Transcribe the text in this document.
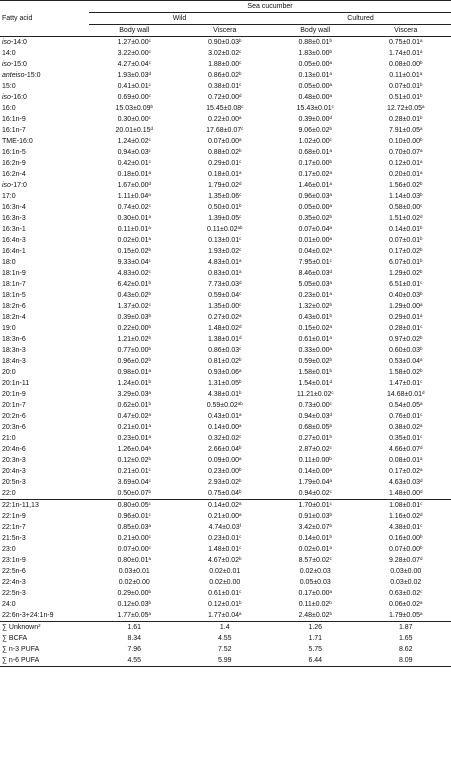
Fatty acid	Sea cucumber			
	Wild		Cultured	
	Body wall	Viscera	Body wall	Viscera
iso-14:0	1.27±0.00$^c$	0.90±0.03$^b$	0.88±0.01$^b$	0.75±0.01$^a$
14:0	3.22±0.00$^c$	3.02±0.02$^c$	1.83±0.00$^b$	1.74±0.01$^a$
iso-15:0	4.27±0.04$^c$	1.88±0.00$^c$	0.05±0.00$^a$	0.08±0.00$^b$
anteiso-15:0	1.93±0.03$^d$	0.86±0.02$^b$	0.13±0.01$^a$	0.11±0.01$^a$
15:0	0.41±0.01$^c$	0.38±0.01$^c$	0.05±0.00$^a$	0.07±0.01$^b$
iso-16:0	0.69±0.00$^c$	0.72±0.00$^d$	0.48±0.00$^a$	0.51±0.01$^b$
16:0	15.03±0.09$^b$	15.45±0.08$^c$	15.43±0.01$^c$	12.72±0.05$^a$
16:1n-9	0.30±0.00$^c$	0.22±0.00$^a$	0.39±0.00$^d$	0.28±0.01$^b$
16:1n-7	20.01±0.15$^d$	17.68±0.07$^c$	9.06±0.02$^b$	7.91±0.05$^a$
TME-16:0	1.24±0.02$^c$	0.07±0.00$^a$	1.02±0.00$^c$	0.10±0.00$^b$
16:1n-5	0.94±0.03$^c$	0.88±0.02$^b$	0.68±0.01$^a$	0.70±0.07$^a$
16:2n-9	0.42±0.01$^c$	0.29±0.01$^c$	0.17±0.00$^b$	0.12±0.01$^a$
16:2n-4	0.18±0.01$^a$	0.18±0.01$^a$	0.17±0.02$^a$	0.20±0.01$^a$
iso-17:0	1.67±0.00$^d$	1.79±0.02$^d$	1.46±0.01$^a$	1.56±0.02$^b$
17:0	1.11±0.04$^a$	1.35±0.06$^c$	0.96±0.03$^a$	1.14±0.03$^b$
16:3n-4	0.74±0.02$^c$	0.50±0.01$^b$	0.05±0.00$^a$	0.58±0.00$^c$
16:3n-3	0.30±0.01$^a$	1.39±0.05$^c$	0.35±0.02$^b$	1.51±0.02$^d$
16:3n-1	0.11±0.01$^a$	0.11±0.02$^{ab}$	0.07±0.04$^a$	0.14±0.01$^b$
16:4n-3	0.02±0.01$^a$	0.13±0.01$^c$	0.01±0.00$^a$	0.07±0.01$^b$
16:4n-1	0.15±0.02$^b$	1.93±0.02$^c$	0.04±0.02$^a$	0.17±0.02$^b$
18:0	9.33±0.04$^c$	4.83±0.01$^a$	7.95±0.01$^c$	6.07±0.01$^b$
18:1n-9	4.83±0.02$^c$	0.83±0.01$^a$	8.46±0.03$^d$	1.29±0.02$^b$
18:1n-7	6.42±0.01$^b$	7.73±0.03$^d$	5.05±0.03$^a$	6.51±0.01$^c$
18:1n-5	0.43±0.02$^b$	0.59±0.04$^c$	0.23±0.01$^a$	0.40±0.03$^b$
18:2n-6	1.37±0.02$^c$	1.35±0.00$^c$	1.32±0.02$^b$	1.29±0.00$^a$
18:2n-4	0.39±0.03$^b$	0.27±0.02$^a$	0.43±0.01$^b$	0.29±0.01$^a$
19:0	0.22±0.00$^b$	1.48±0.02$^d$	0.15±0.02$^a$	0.28±0.01$^c$
18:3n-6	1.21±0.02$^b$	1.38±0.01$^d$	0.61±0.01$^a$	0.97±0.02$^b$
18:3n-3	0.77±0.00$^b$	0.86±0.03$^c$	0.33±0.00$^a$	0.60±0.03$^b$
18:4n-3	0.96±0.02$^b$	0.81±0.02$^b$	0.59±0.02$^b$	0.53±0.04$^a$
20:0	0.98±0.01$^a$	0.93±0.06$^a$	1.58±0.01$^b$	1.58±0.02$^b$
20:1n-11	1.24±0.01$^b$	1.31±0.05$^b$	1.54±0.01$^d$	1.47±0.01$^c$
20:1n-9	3.29±0.03$^a$	4.38±0.01$^b$	11.21±0.02$^c$	14.68±0.01$^d$
20:1n-7	0.62±0.01$^b$	0.59±0.02$^{ab}$	0.73±0.00$^c$	0.54±0.05$^a$
20:2n-6	0.47±0.02$^a$	0.43±0.01$^a$	0.94±0.03$^d$	0.76±0.01$^c$
20:3n-6	0.21±0.01$^a$	0.14±0.00$^a$	0.68±0.05$^b$	0.38±0.02$^a$
21:0	0.23±0.01$^a$	0.32±0.02$^c$	0.27±0.01$^b$	0.35±0.01$^c$
20:4n-6	1.26±0.04$^a$	2.66±0.04$^b$	2.87±0.02$^c$	4.66±0.07$^d$
20:3n-3	0.12±0.02$^b$	0.09±0.00$^a$	0.11±0.00$^b$	0.08±0.01$^a$
20:4n-3	0.21±0.01$^c$	0.23±0.00$^b$	0.14±0.00$^a$	0.17±0.02$^a$
20:5n-3	3.69±0.04$^c$	2.93±0.02$^b$	1.79±0.04$^a$	4.63±0.03$^d$
22:0	0.50±0.07$^b$	0.75±0.04$^b$	0.94±0.02$^c$	1.48±0.00$^d$
22:1n-11,13	0.80±0.05$^c$	0.14±0.02$^a$	1.70±0.01$^c$	1.08±0.01$^c$
22:1n-9	0.96±0.01$^c$	0.21±0.00$^a$	0.91±0.03$^b$	1.16±0.02$^d$
22:1n-7	0.85±0.03$^a$	4.74±0.03$^f$	3.42±0.07$^b$	4.38±0.01$^c$
21:5n-3	0.21±0.00$^c$	0.23±0.01$^c$	0.14±0.01$^b$	0.16±0.00$^b$
23:0	0.07±0.00$^c$	1.48±0.01$^c$	0.02±0.01$^a$	0.07±0.00$^b$
23:1n-9	0.80±0.01$^a$	4.67±0.02$^b$	8.57±0.02$^c$	9.28±0.07$^d$
22:5n-6	0.03±0.01	0.02±0.01	0.02±0.03	0.03±0.00
22:4n-3	0.02±0.00	0.02±0.00	0.05±0.03	0.03±0.02
22:5n-3	0.29±0.00$^b$	0.61±0.01$^c$	0.17±0.00$^a$	0.63±0.02$^c$
24:0	0.12±0.03$^b$	0.12±0.01$^b$	0.11±0.02$^b$	0.06±0.02$^a$
22:6n-3+24:1n-9	1.77±0.05$^a$	1.77±0.04$^a$	2.48±0.02$^b$	1.79±0.05$^a$
∑ Unknown$^2$	1.61	1.4	1.26	1.87
∑ BCFA	8.34	4.55	1.71	1.65
∑ n-3 PUFA	7.96	7.52	5.75	8.62
∑ n-6 PUFA	4.55	5.99	6.44	8.09
